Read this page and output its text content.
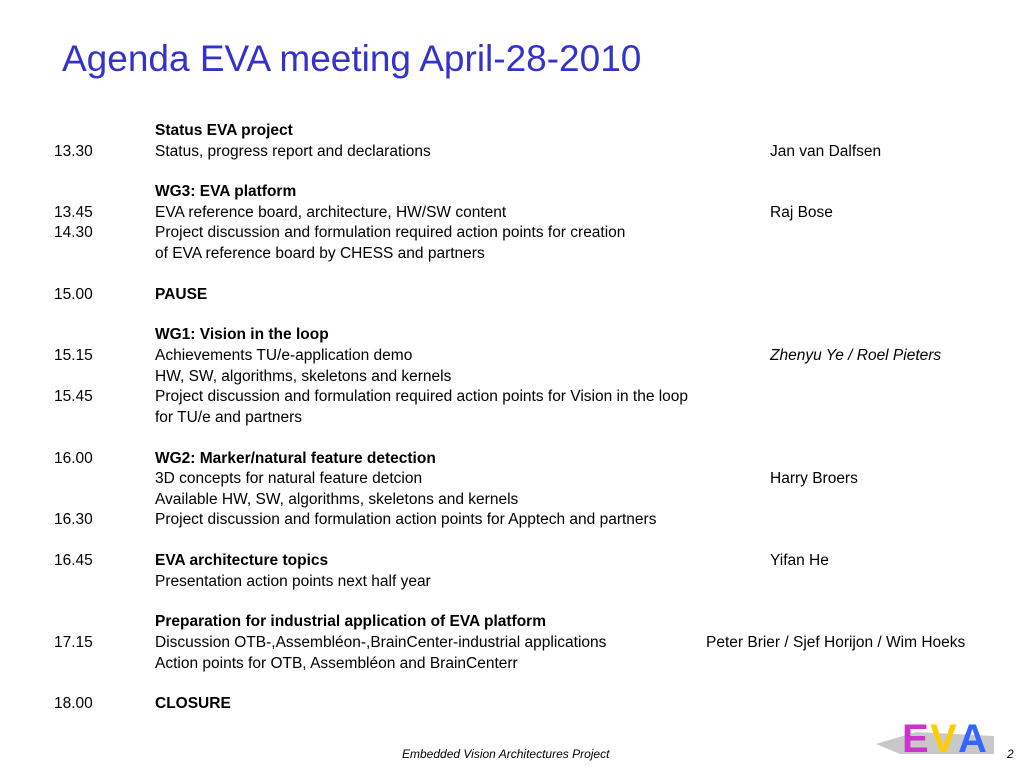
Agenda EVA meeting April-28-2010
Status EVA project
13.30	Status, progress report and declarations	Jan van Dalfsen
WG3: EVA platform
13.45	EVA reference board, architecture, HW/SW content	Raj Bose
14.30	Project discussion and formulation required action points for creation
of EVA reference board by CHESS and partners
15.00	PAUSE
WG1: Vision in the loop
15.15	Achievements TU/e-application demo	Zhenyu Ye / Roel Pieters
HW, SW, algorithms, skeletons and kernels
15.45	Project discussion and formulation required action points for Vision in the loop
for TU/e and partners
16.00	WG2: Marker/natural feature detection
3D concepts for natural feature detcion	Harry Broers
Available HW, SW, algorithms, skeletons and kernels
16.30	Project discussion and formulation action points for Apptech and partners
16.45	EVA architecture topics	Yifan He
Presentation action points next half year
Preparation for industrial application of EVA platform
17.15	Discussion OTB-,Assembléon-,BrainCenter-industrial applications	Peter Brier / Sjef Horijon / Wim Hoeks
Action points for OTB, Assembléon and BrainCenterr
18.00	CLOSURE
E V A
Embedded Vision Architectures Project	2
